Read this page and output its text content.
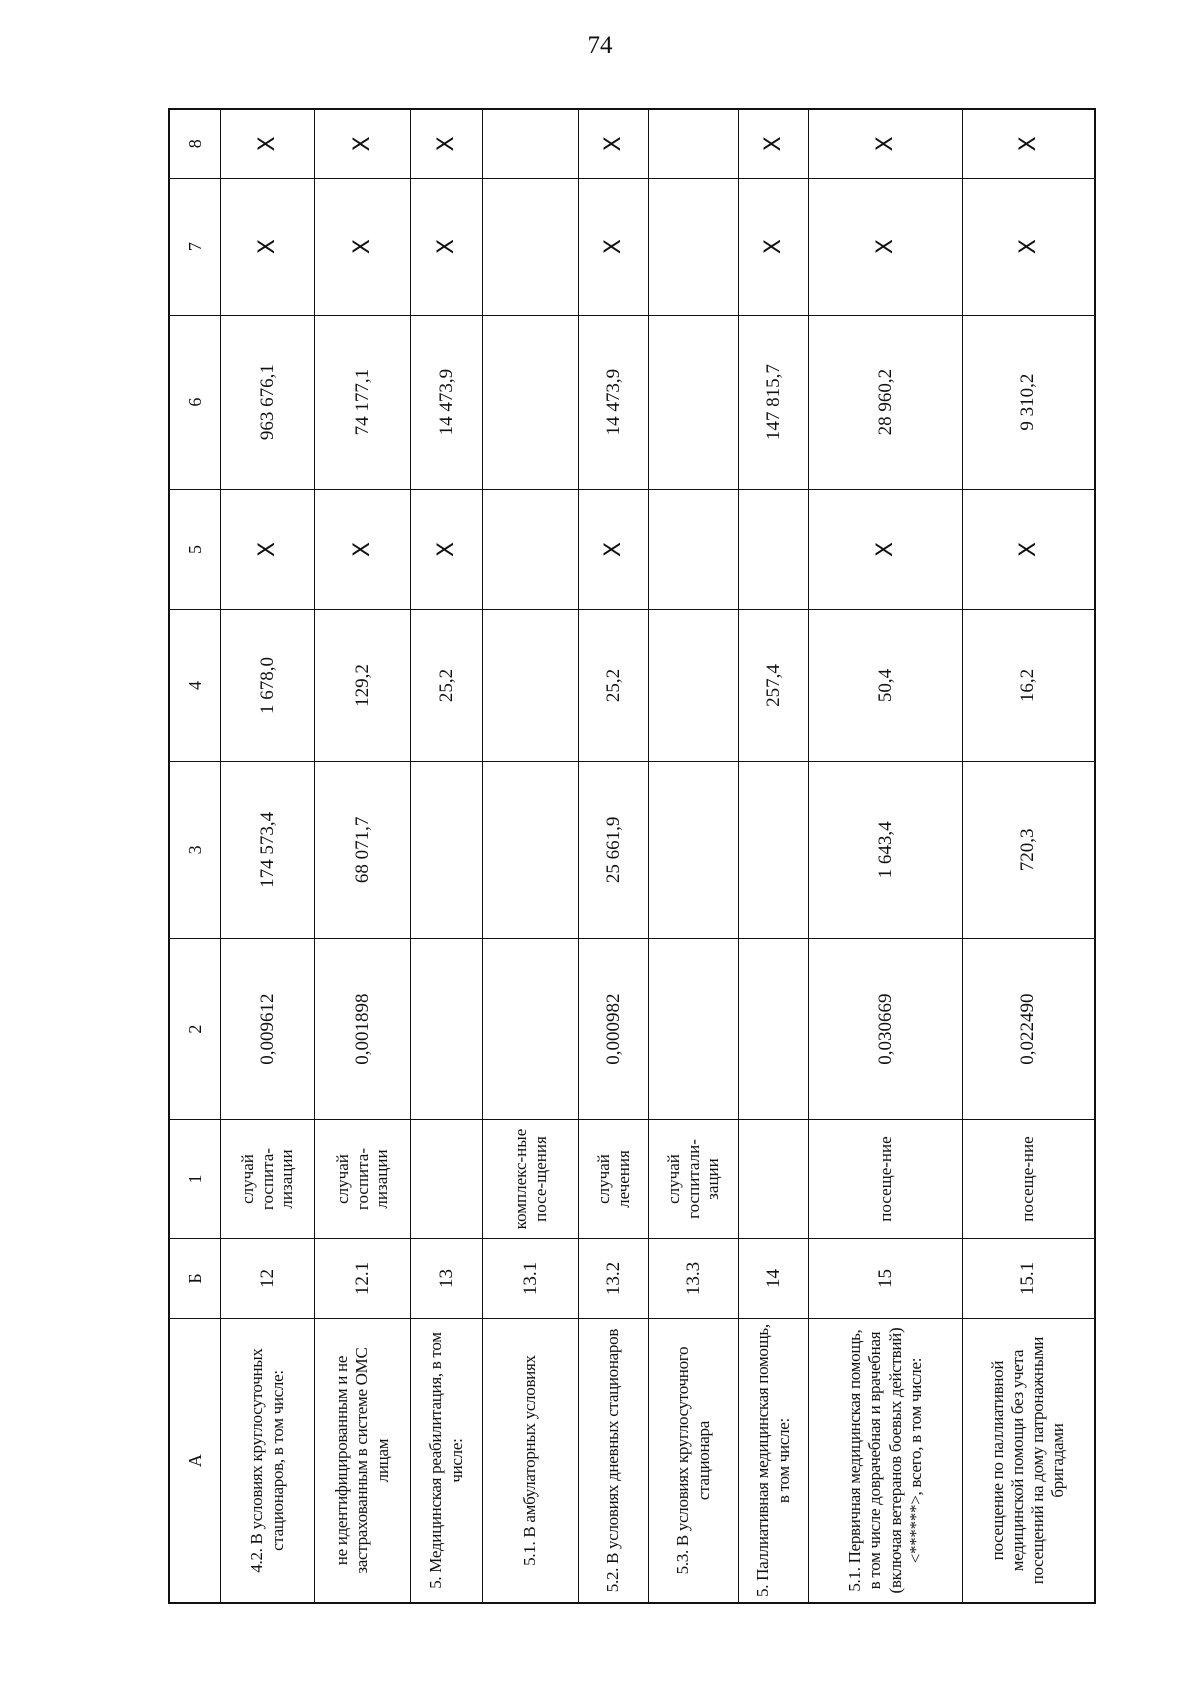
74
А	Б	1	2	3	4	5	6	7	8
4.2. В условиях круглосуточных стационаров, в том числе:	12	случай госпита-лизации	0,009612	174 573,4	1 678,0	Х	963 676,1	Х	Х
не идентифицированным и не застрахованным в системе ОМС лицам	12.1	случай госпита-лизации	0,001898	68 071,7	129,2	Х	74 177,1	Х	Х
5. Медицинская реабилитация, в том числе:	13				25,2	Х	14 473,9	Х	Х
5.1. В амбулаторных условиях	13.1	комплекс-ные посе-щения							
5.2. В условиях дневных стационаров	13.2	случай лечения	0,000982	25 661,9	25,2	Х	14 473,9	Х	Х
5.3. В условиях круглосуточного стационара	13.3	случай госпитали-зации							
5. Паллиативная медицинская помощь, в том числе:	14				257,4		147 815,7	Х	Х
5.1. Первичная медицинская помощь, в том числе доврачебная и врачебная (включая ветеранов боевых действий) <******>, всего, в том числе:	15	посеще-ние	0,030669	1 643,4	50,4	Х	28 960,2	Х	Х
посещение по паллиативной медицинской помощи без учета посещений на дому патронажными бригадами	15.1	посеще-ние	0,022490	720,3	16,2	Х	9 310,2	Х	Х
